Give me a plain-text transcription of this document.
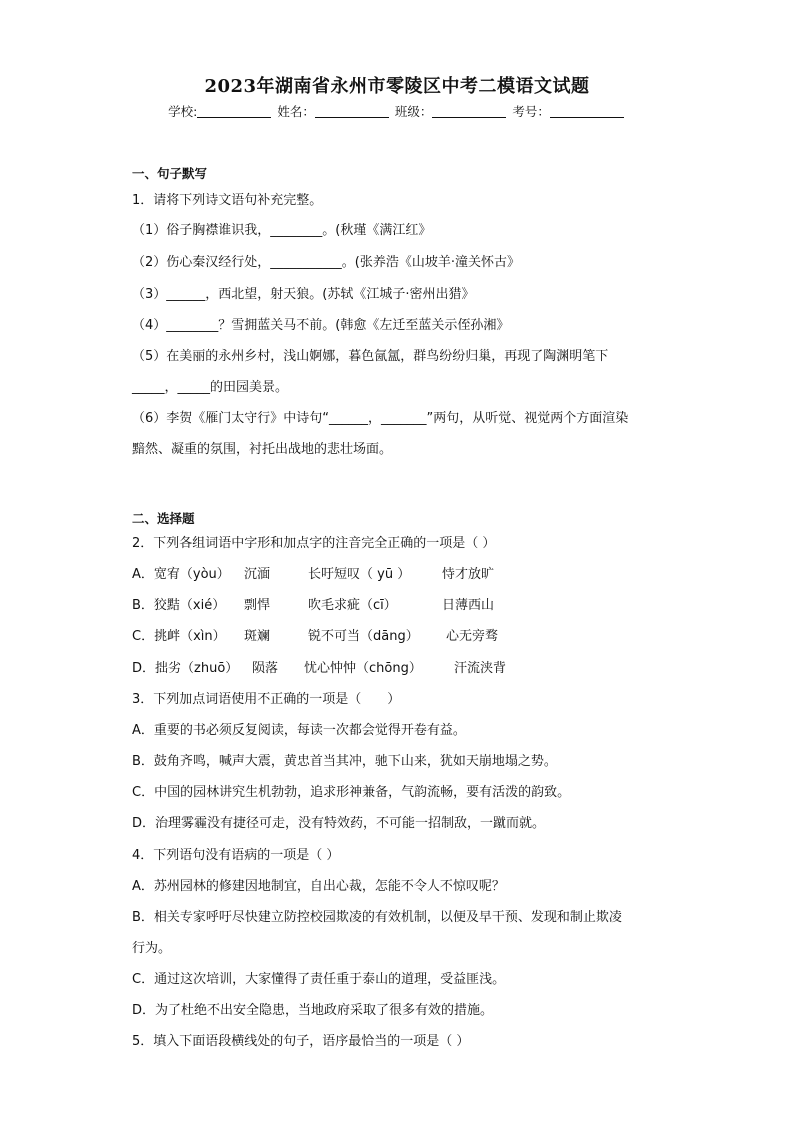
2023年湖南省永州市零陵区中考二模语文试题
学校:	姓名：	班级：	考号：
一、句子默写
1．请将下列诗文语句补充完整。
（1）俗子胸襟谁识我，________。(秋瑾《满江红》
（2）伤心秦汉经行处，___________。(张养浩《山坡羊·潼关怀古》
（3）______，西北望，射天狼。(苏轼《江城子·密州出猎》
（4）________？雪拥蓝关马不前。(韩愈《左迁至蓝关示侄孙湘》
（5）在美丽的永州乡村，浅山婀娜，暮色氤氲，群鸟纷纷归巢，再现了陶渊明笔下
_____，_____的田园美景。
（6）李贺《雁门太守行》中诗句“______，_______”两句，从听觉、视觉两个方面渲染
黯然、凝重的氛围，衬托出战地的悲壮场面。
二、选择题
2．下列各组词语中字形和加点字的注音完全正确的一项是（ ）
A．宽宥（yòu） 沉湎	长吁短叹（ yū ） 恃才放旷
B．狡黠（xié） 剽悍	吹毛求疵（cī）	日薄西山
C．挑衅（xìn） 斑斓	锐不可当（dāng） 心无旁骛
D．拙劣（zhuō） 陨落 忧心忡忡（chōng） 汗流浃背
3．下列加点词语使用不正确的一项是（　　）
A．重要的书必须反复阅读，每读一次都会觉得开卷有益。
B．鼓角齐鸣，喊声大震，黄忠首当其冲，驰下山来，犹如天崩地塌之势。
C．中国的园林讲究生机勃勃，追求形神兼备，气韵流畅，要有活泼的韵致。
D．治理雾霾没有捷径可走，没有特效药，不可能一招制敌，一蹴而就。
4．下列语句没有语病的一项是（ ）
A．苏州园林的修建因地制宜，自出心裁，怎能不令人不惊叹呢？
B．相关专家呼吁尽快建立防控校园欺凌的有效机制，以便及早干预、发现和制止欺凌
行为。
C．通过这次培训，大家懂得了责任重于泰山的道理，受益匪浅。
D．为了杜绝不出安全隐患，当地政府采取了很多有效的措施。
5．填入下面语段横线处的句子，语序最恰当的一项是（ ）
